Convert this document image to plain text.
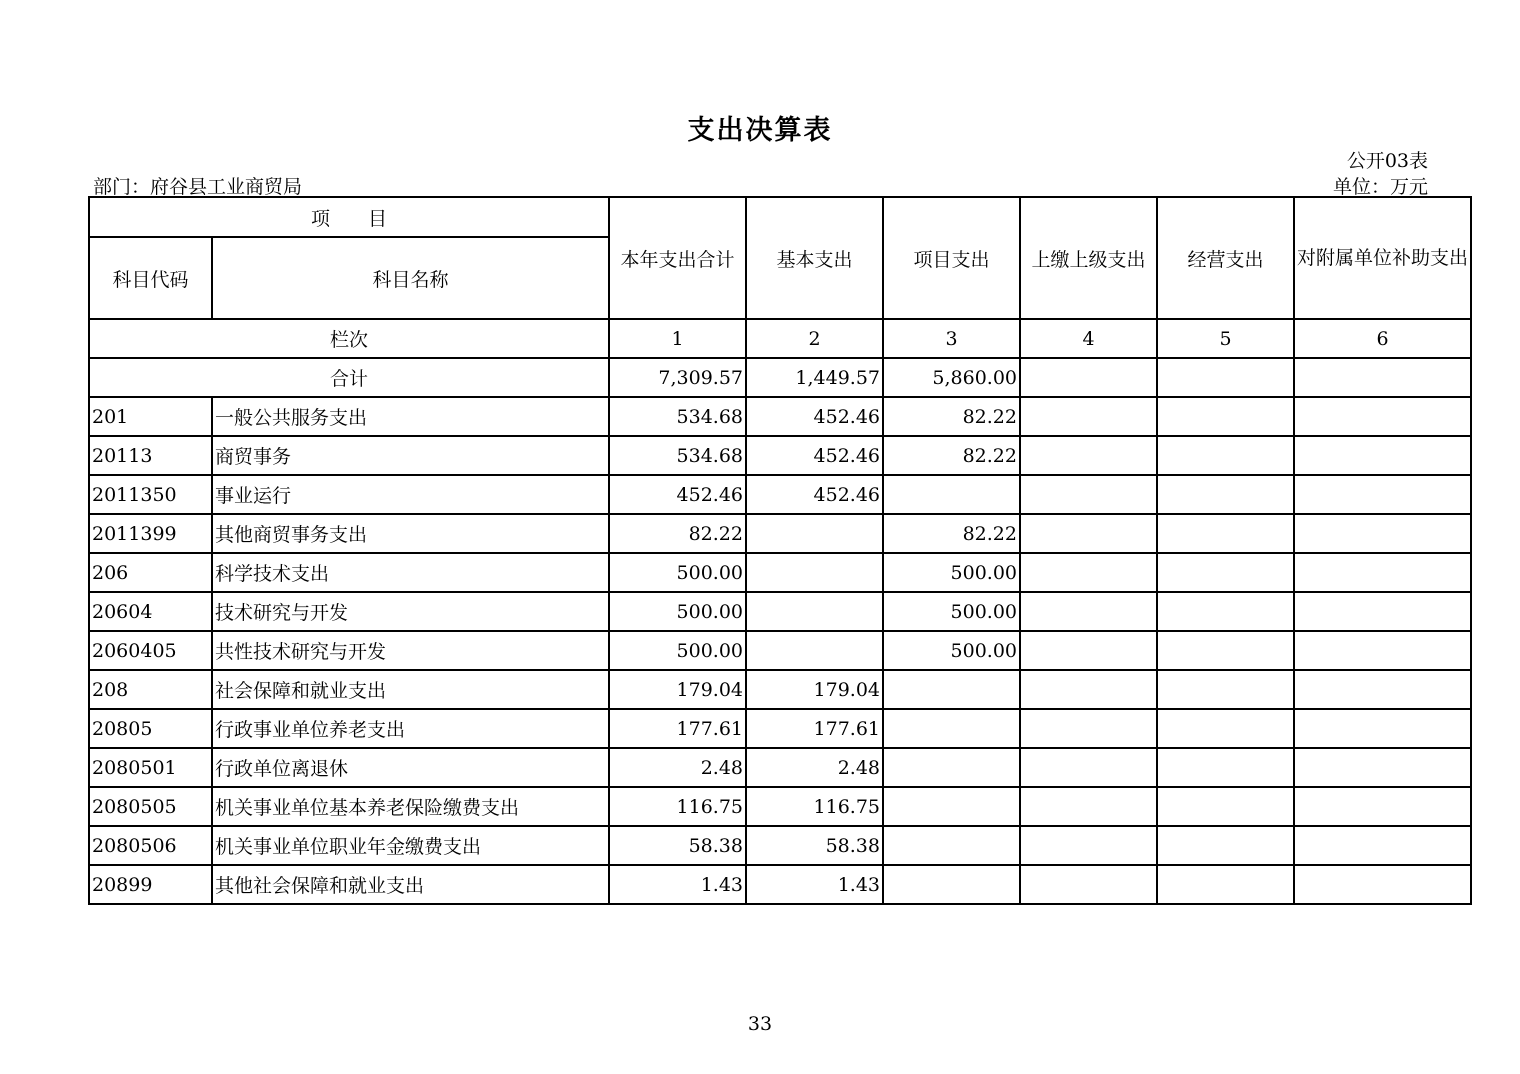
支出决算表
公开03表
部门：府谷县工业商贸局	单位：万元
项　　目		本年支出合计	基本支出	项目支出	上缴上级支出	经营支出	对附属单位补助支出
科目代码	科目名称						
栏次		1	2	3	4	5	6
合计		7,309.57	1,449.57	5,860.00			
201	一般公共服务支出	534.68	452.46	82.22			
20113	商贸事务	534.68	452.46	82.22			
2011350	事业运行	452.46	452.46				
2011399	其他商贸事务支出	82.22		82.22			
206	科学技术支出	500.00		500.00			
20604	技术研究与开发	500.00		500.00			
2060405	共性技术研究与开发	500.00		500.00			
208	社会保障和就业支出	179.04	179.04				
20805	行政事业单位养老支出	177.61	177.61				
2080501	行政单位离退休	2.48	2.48				
2080505	机关事业单位基本养老保险缴费支出	116.75	116.75				
2080506	机关事业单位职业年金缴费支出	58.38	58.38				
20899	其他社会保障和就业支出	1.43	1.43				
33
